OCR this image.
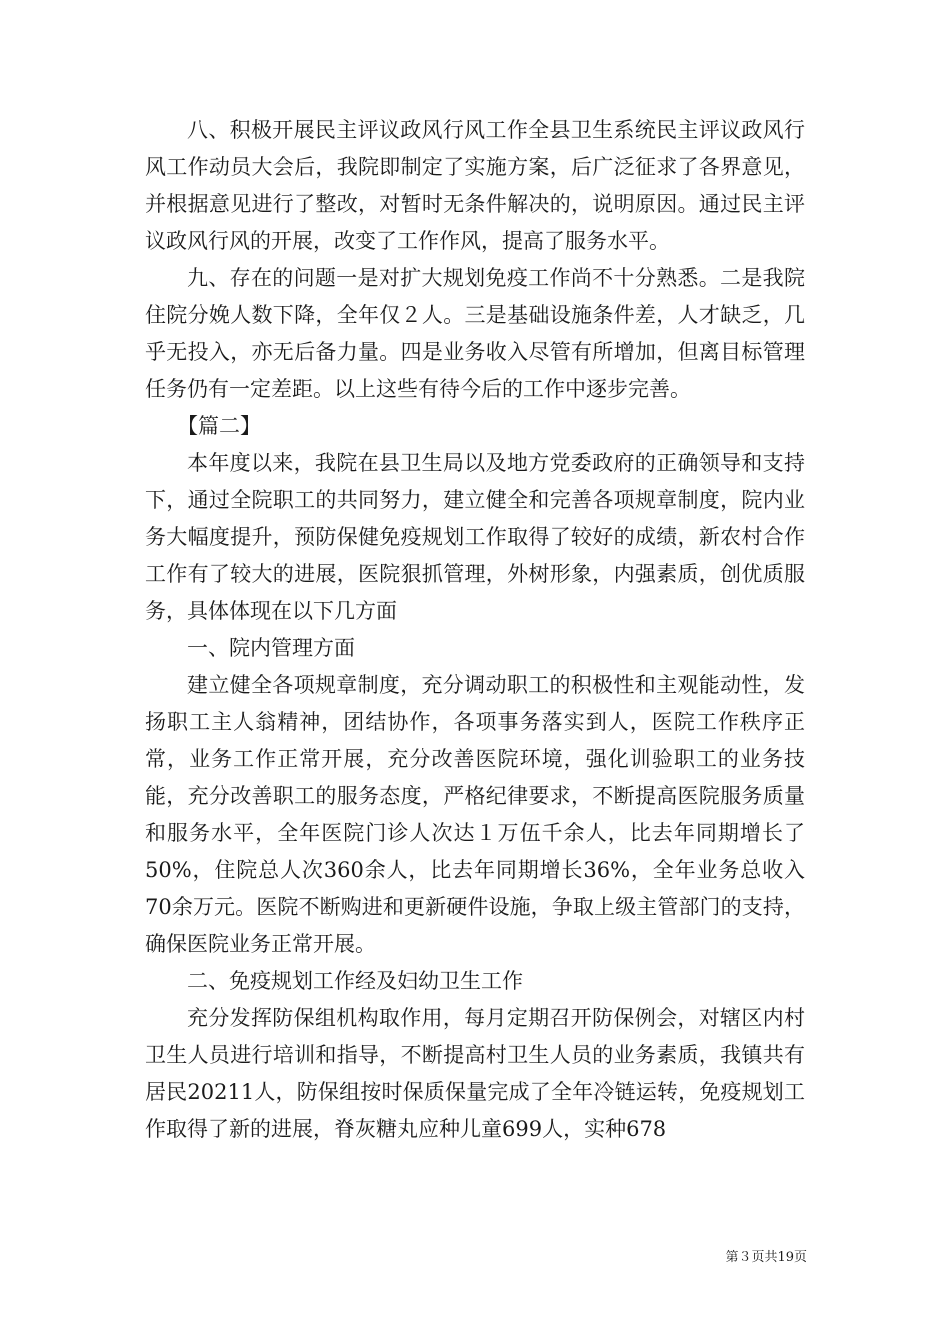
八、积极开展民主评议政风行风工作全县卫生系统民主评议政风行风工作动员大会后，我院即制定了实施方案，后广泛征求了各界意见，并根据意见进行了整改，对暂时无条件解决的，说明原因。通过民主评议政风行风的开展，改变了工作作风，提高了服务水平。

九、存在的问题一是对扩大规划免疫工作尚不十分熟悉。二是我院住院分娩人数下降，全年仅２人。三是基础设施条件差，人才缺乏，几乎无投入，亦无后备力量。四是业务收入尽管有所增加，但离目标管理任务仍有一定差距。以上这些有待今后的工作中逐步完善。

【篇二】

本年度以来，我院在县卫生局以及地方党委政府的正确领导和支持下，通过全院职工的共同努力，建立健全和完善各项规章制度，院内业务大幅度提升，预防保健免疫规划工作取得了较好的成绩，新农村合作工作有了较大的进展，医院狠抓管理，外树形象，内强素质，创优质服务，具体体现在以下几方面

一、院内管理方面

建立健全各项规章制度，充分调动职工的积极性和主观能动性，发扬职工主人翁精神，团结协作，各项事务落实到人，医院工作秩序正常，业务工作正常开展，充分改善医院环境，强化训验职工的业务技能，充分改善职工的服务态度，严格纪律要求，不断提高医院服务质量和服务水平，全年医院门诊人次达１万伍千余人，比去年同期增长了50%，住院总人次360余人，比去年同期增长36%，全年业务总收入70余万元。医院不断购进和更新硬件设施，争取上级主管部门的支持，确保医院业务正常开展。

二、免疫规划工作经及妇幼卫生工作

充分发挥防保组机构取作用，每月定期召开防保例会，对辖区内村卫生人员进行培训和指导，不断提高村卫生人员的业务素质，我镇共有居民20211人，防保组按时保质保量完成了全年冷链运转，免疫规划工作取得了新的进展，脊灰糖丸应种儿童699人，实种678

第３页共19页
